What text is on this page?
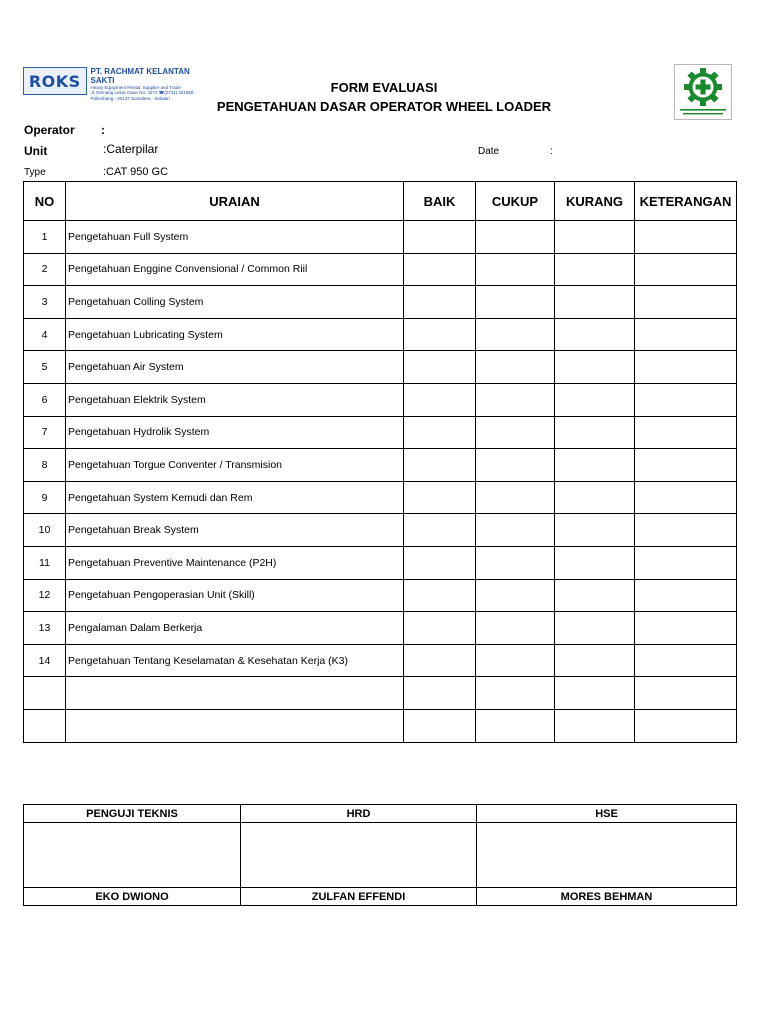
ROKS PT. RACHMAT KELANTAN SAKTI
Heavy Equipment Rental, Supplier and Trade
Jl. Demang Lebar Daun No. 4273 ☎(0711) 321050
Palembang - 30137 Sumatera - Selatan
FORM EVALUASI
PENGETAHUAN DASAR OPERATOR WHEEL LOADER
Operator :
Unit	:Caterpilar	Date	:
Type	:CAT 950 GC
NO	URAIAN	BAIK	CUKUP	KURANG	KETERANGAN
1	Pengetahuan Full System				
2	Pengetahuan Enggine Convensional / Common Riil				
3	Pengetahuan Colling System				
4	Pengetahuan Lubricating System				
5	Pengetahuan Air System				
6	Pengetahuan Elektrik System				
7	Pengetahuan Hydrolik System				
8	Pengetahuan Torgue Conventer / Transmision				
9	Pengetahuan System Kemudi dan Rem				
10	Pengetahuan Break System				
11	Pengetahuan Preventive Maintenance (P2H)				
12	Pengetahuan Pengoperasian Unit (Skill)				
13	Pengalaman Dalam Berkerja				
14	Pengetahuan Tentang Keselamatan & Kesehatan Kerja (K3)				

PENGUJI TEKNIS	HRD	HSE

EKO DWIONO	ZULFAN EFFENDI	MORES BEHMAN
